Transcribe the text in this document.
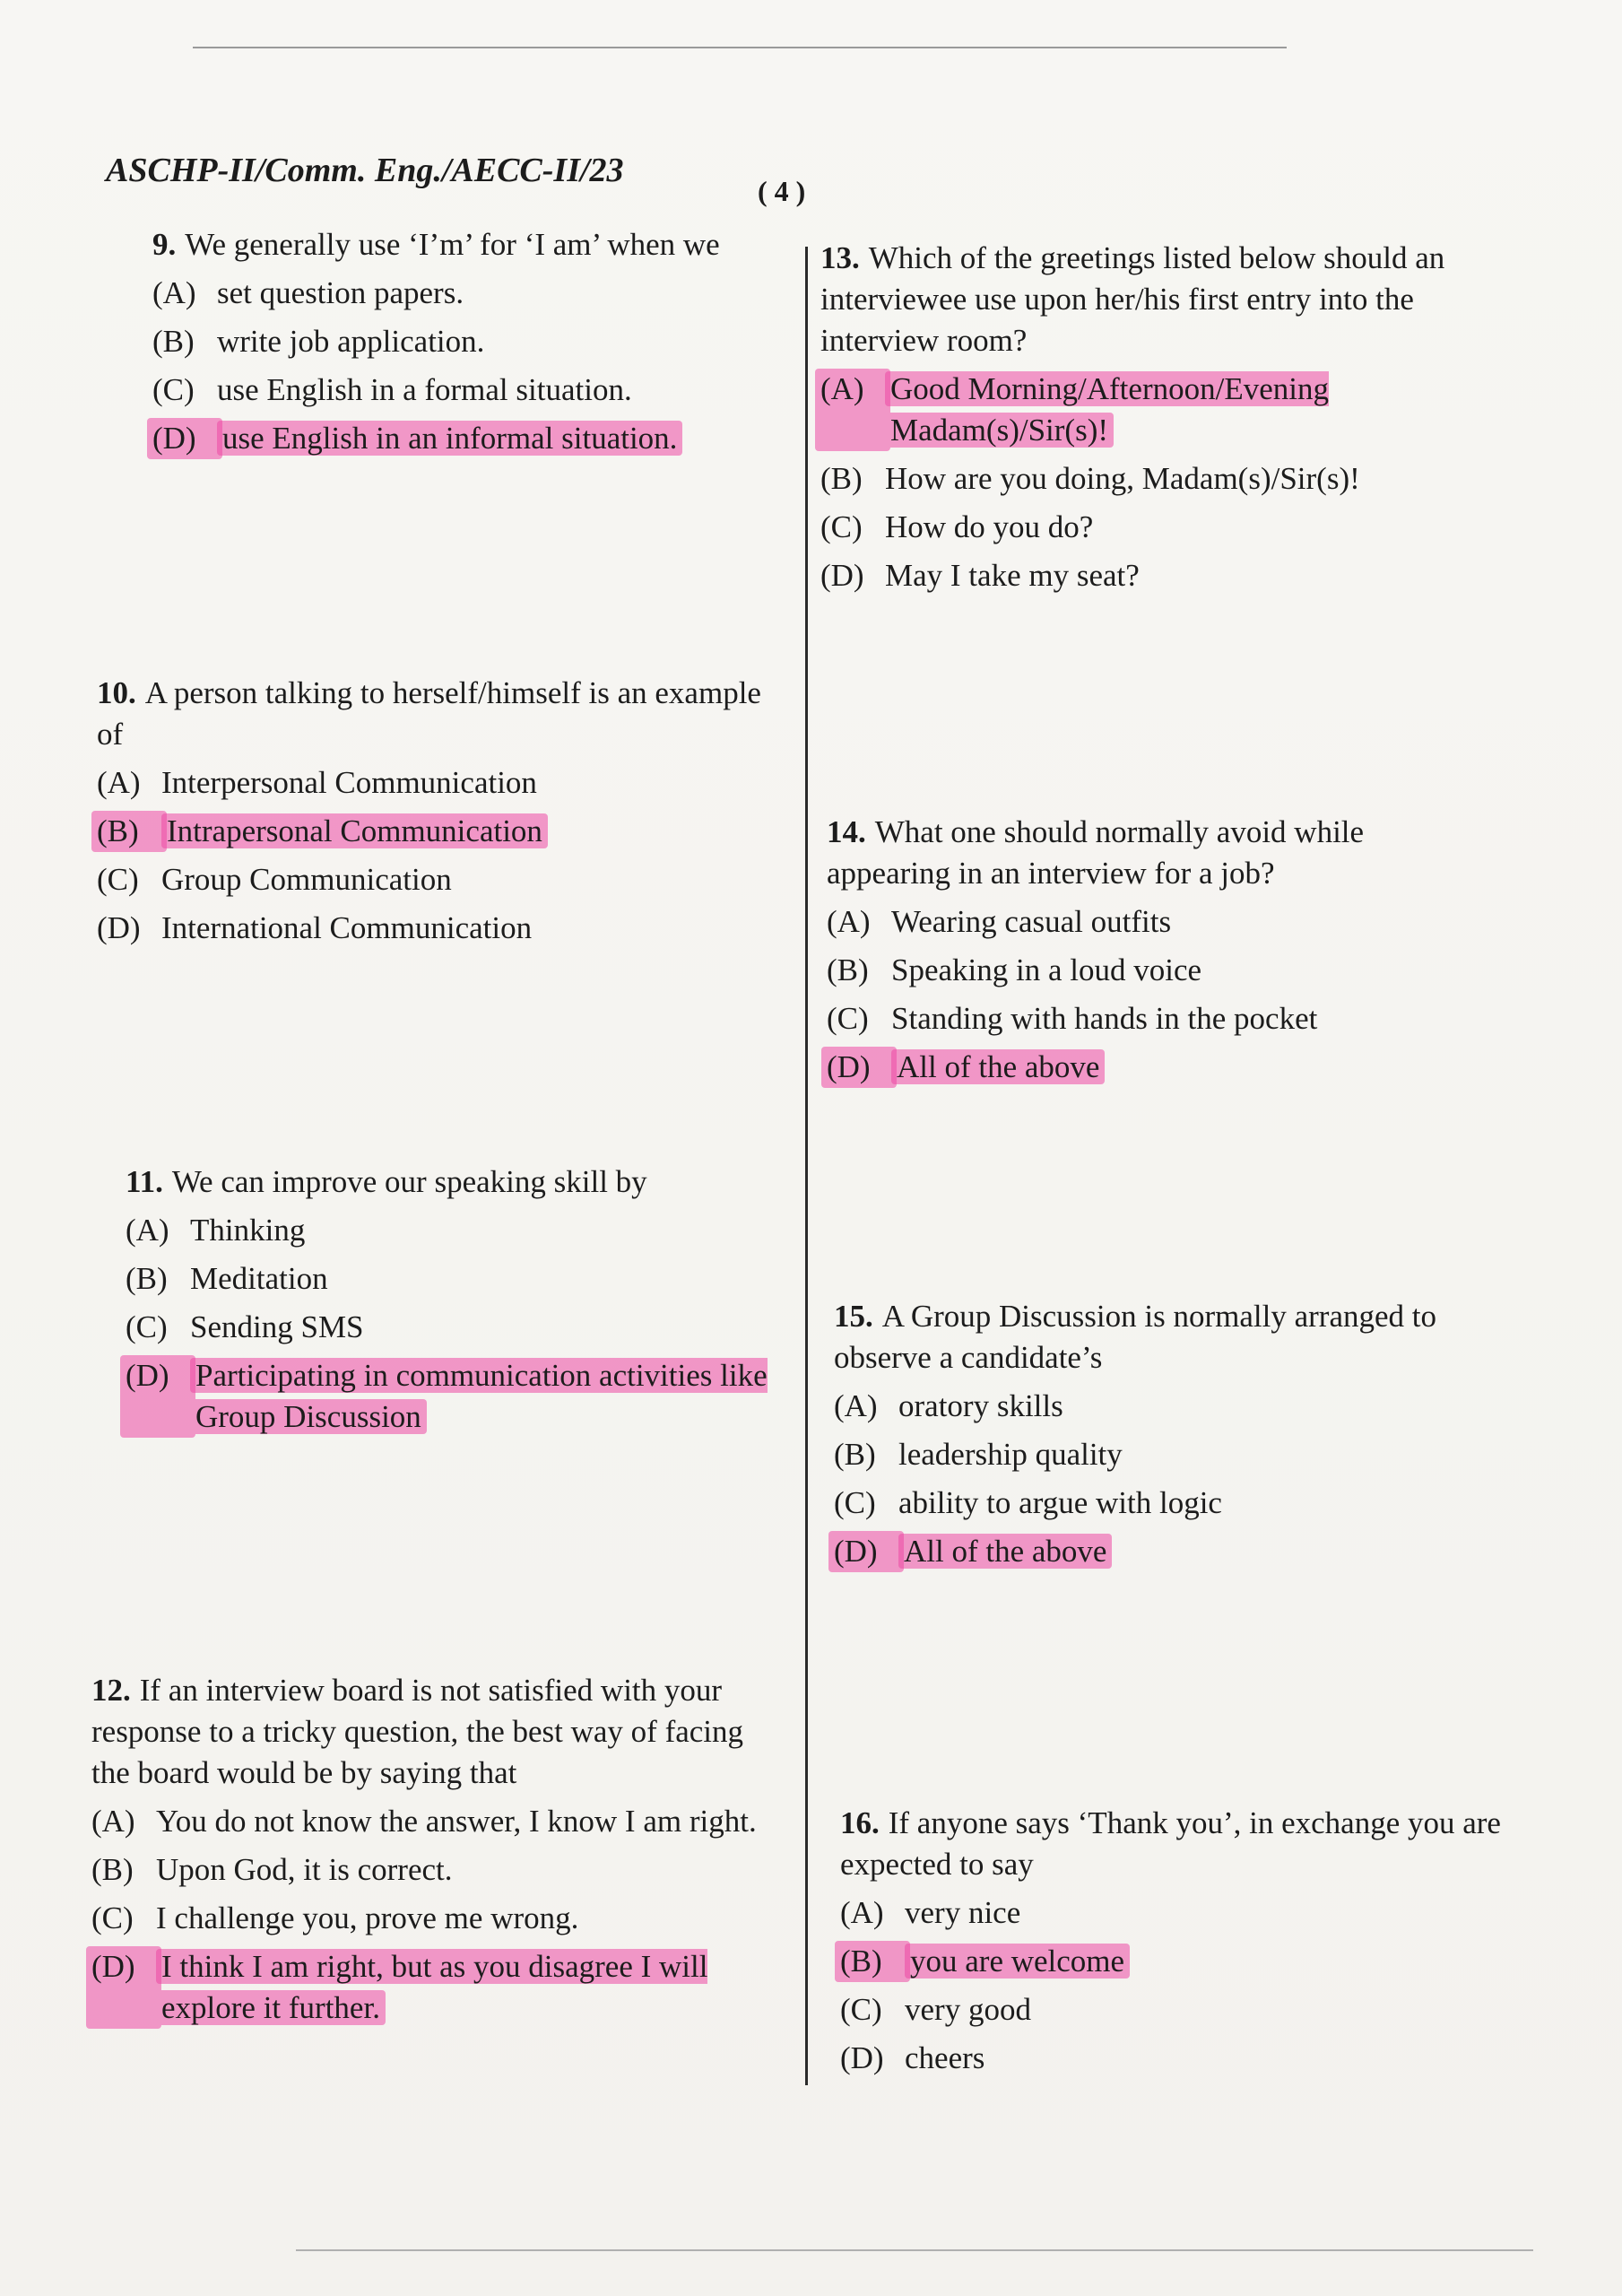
ASCHP-II/Comm. Eng./AECC-II/23
( 4 )

9. We generally use ‘I’m’ for ‘I am’ when we

(A) set question papers.
(B) write job application.
(C) use English in a formal situation.
(D) use English in an informal situation.

10. A person talking to herself/himself is an example of

(A) Interpersonal Communication
(B) Intrapersonal Communication
(C) Group Communication
(D) International Communication

11. We can improve our speaking skill by

(A) Thinking
(B) Meditation
(C) Sending SMS
(D) Participating in communication activities like Group Discussion

12. If an interview board is not satisfied with your response to a tricky question, the best way of facing the board would be by saying that

(A) You do not know the answer, I know I am right.
(B) Upon God, it is correct.
(C) I challenge you, prove me wrong.
(D) I think I am right, but as you disagree I will explore it further.

13. Which of the greetings listed below should an interviewee use upon her/his first entry into the interview room?

(A) Good Morning/Afternoon/Evening Madam(s)/Sir(s)!
(B) How are you doing, Madam(s)/Sir(s)!
(C) How do you do?
(D) May I take my seat?

14. What one should normally avoid while appearing in an interview for a job?

(A) Wearing casual outfits
(B) Speaking in a loud voice
(C) Standing with hands in the pocket
(D) All of the above

15. A Group Discussion is normally arranged to observe a candidate’s

(A) oratory skills
(B) leadership quality
(C) ability to argue with logic
(D) All of the above

16. If anyone says ‘Thank you’, in exchange you are expected to say

(A) very nice
(B) you are welcome
(C) very good
(D) cheers
